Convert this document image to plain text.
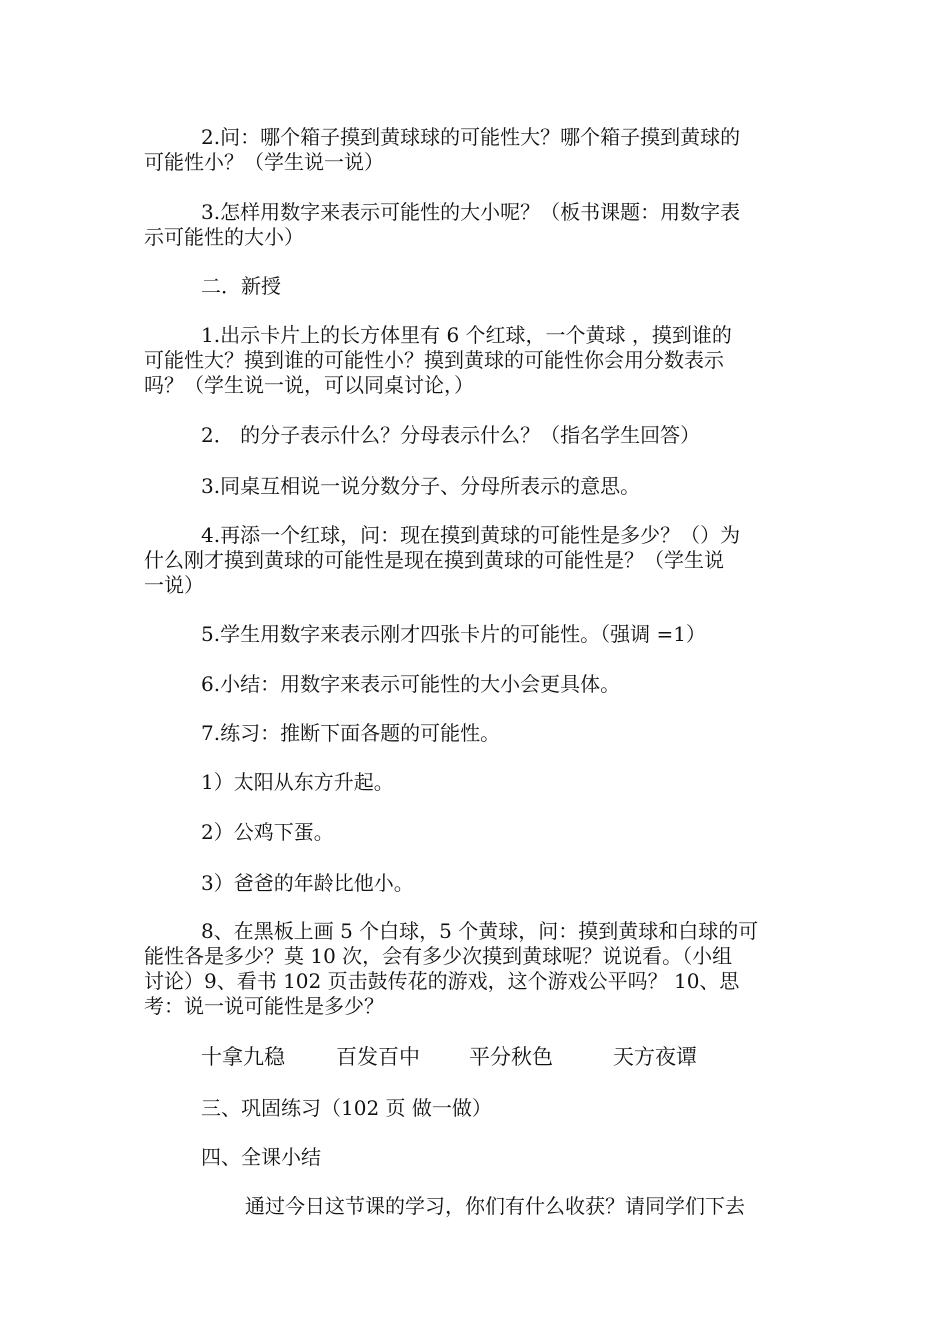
2.问：哪个箱子摸到黄球球的可能性大？哪个箱子摸到黄球的
可能性小？（学生说一说）
3.怎样用数字来表示可能性的大小呢？（板书课题：用数字表
示可能性的大小）
二．新授
1.出示卡片上的长方体里有 6 个红球，一个黄球 ，摸到谁的
可能性大？摸到谁的可能性小？摸到黄球的可能性你会用分数表示
吗？（学生说一说，可以同桌讨论，）
2． 的分子表示什么？分母表示什么？（指名学生回答）
3.同桌互相说一说分数分子、分母所表示的意思。
4.再添一个红球，问：现在摸到黄球的可能性是多少？（）为
什么刚才摸到黄球的可能性是现在摸到黄球的可能性是？（学生说
一说）
5.学生用数字来表示刚才四张卡片的可能性。（强调 =1）
6.小结：用数字来表示可能性的大小会更具体。
7.练习：推断下面各题的可能性。
1）太阳从东方升起。
2）公鸡下蛋。
3）爸爸的年龄比他小。
8、在黑板上画 5 个白球，5 个黄球，问：摸到黄球和白球的可
能性各是多少？莫 10 次，会有多少次摸到黄球呢？说说看。（小组
讨论）9、看书 102 页击鼓传花的游戏，这个游戏公平吗？ 10、思
考：说一说可能性是多少？
十拿九稳 百发百中 平分秋色	天方夜谭
三、巩固练习（102 页 做一做）
四、全课小结
通过今日这节课的学习，你们有什么收获？请同学们下去
